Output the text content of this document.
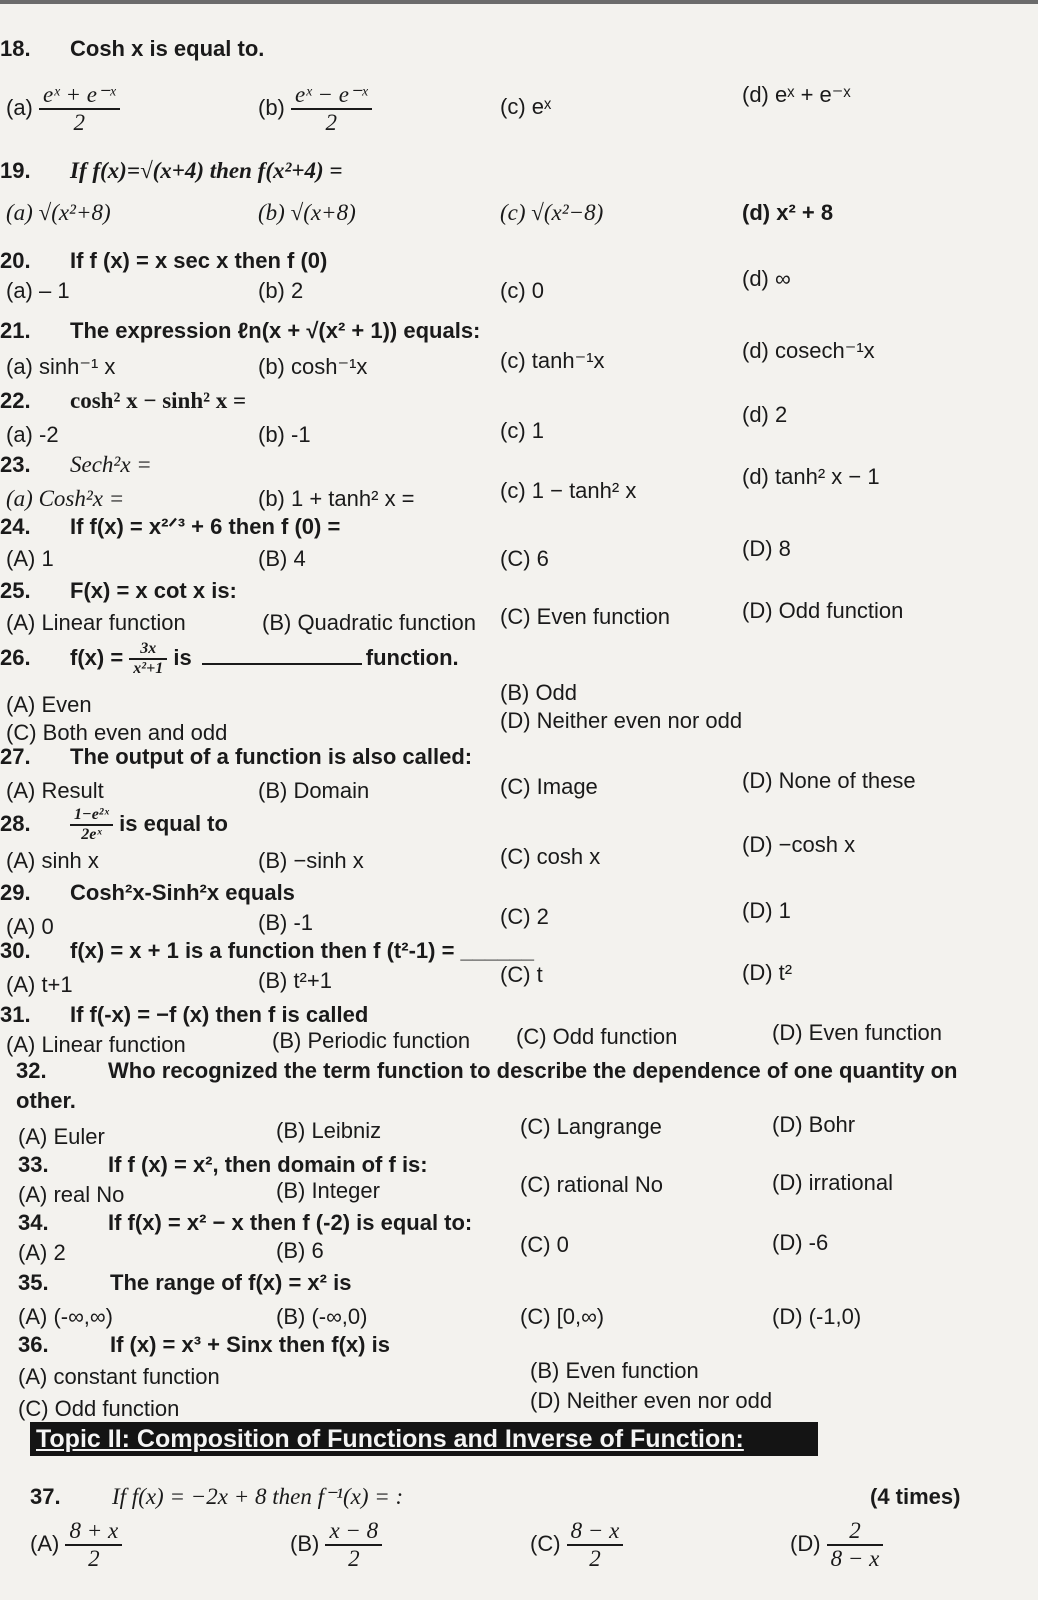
18. Cosh x is equal to.
$(a) \frac{\text{eˣ + e⁻ˣ}}{2}$	$(b) \frac{\text{eˣ − e⁻ˣ}}{2}$	(c) eˣ	(d) eˣ + e⁻ˣ
19. If f(x)=√(x+4) then f(x²+4) =
(a) √(x²+8)	(b) √(x+8)	(c) √(x²−8)	(d) x² + 8
20. If f (x) = x sec x then f (0)
(a) – 1	(b) 2	(c) 0	(d) ∞
21. The expression ℓn(x + √(x² + 1)) equals:
(a) sinh⁻¹ x	(b) cosh⁻¹x	(c) tanh⁻¹x	(d) cosech⁻¹x
22. cosh² x − sinh² x =
(a) -2	(b) -1	(c) 1
(d) 2
23. Sech²x =
(a) Cosh²x =	(b) 1 + tanh² x =	(c) 1 − tanh² x
(d) tanh² x − 1
24. If f(x) = x²ᐟ³ + 6 then f (0) =
(A) 1	(B) 4	(C) 6	(D) 8
25. F(x) = x cot x is:
(A) Linear function	(B) Quadratic function (C) Even function	(D) Odd function
26. $f(x) = \frac{3x}{\text{x²+1}}$ is	function.
(A) Even	(B) Odd
(C) Both even and odd	(D) Neither even nor odd
27. The output of a function is also called:
(A) Result	(B) Domain	(C) Image	(D) None of these
28. $\frac{\text{1−e²ˣ}}{\text{2eˣ}}$ is equal to
(A) sinh x	(B) −sinh x	(C) cosh x	(D) −cosh x
29. Cosh²x-Sinh²x equals
(A) 0	(B) -1	(C) 2	(D) 1
30. f(x) = x + 1 is a function then f (t²-1) = ______
(A) t+1	(B) t²+1	(C) t	(D) t²
31. If f(-x) = −f (x) then f is called
(A) Linear function	(B) Periodic function (C) Odd function	(D) Even function
32.	Who recognized the term function to describe the dependence of one quantity on other.
(A) Euler	(B) Leibniz	(C) Langrange	(D) Bohr
33.	If f (x) = x², then domain of f is:
(A) real No	(B) Integer	(C) rational No	(D) irrational
34.	If f(x) = x² − x then f (-2) is equal to:
(A) 2	(B) 6	(C) 0	(D) -6
35.	The range of f(x) = x² is
(A) (-∞,∞)	(B) (-∞,0)	(C) [0,∞)	(D) (-1,0)
36.	If (x) = x³ + Sinx then f(x) is
(A) constant function	(B) Even function
(C) Odd function	(D) Neither even nor odd
Topic II: Composition of Functions and Inverse of Function:
37. If f(x) = −2x + 8 then f⁻¹(x) = :	(4 times)
$(A) \frac{8 + x}{2}$	$(B) \frac{x - 8}{2}$	$(C) \frac{8 - x}{2}$	$(D) \frac{2}{8 - x}$
